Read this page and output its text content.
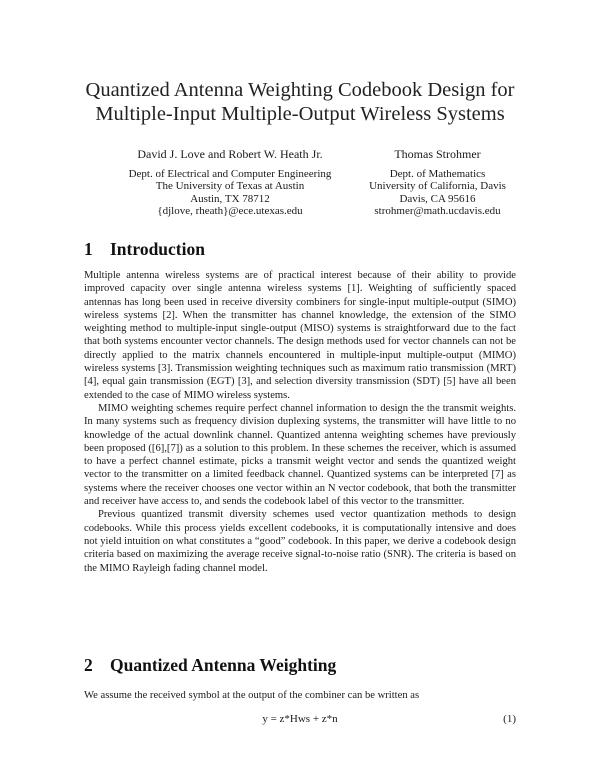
Quantized Antenna Weighting Codebook Design for
Multiple-Input Multiple-Output Wireless Systems
David J. Love and Robert W. Heath Jr.
Dept. of Electrical and Computer Engineering
The University of Texas at Austin
Austin, TX 78712
{djlove, rheath}@ece.utexas.edu
Thomas Strohmer
Dept. of Mathematics
University of California, Davis
Davis, CA 95616
strohmer@math.ucdavis.edu
1 Introduction

Multiple antenna wireless systems are of practical interest because of their ability to provide improved capacity over single antenna wireless systems [1]. Weighting of sufficiently spaced antennas has long been used in receive diversity combiners for single-input multiple-output (SIMO) wireless systems [2]. When the transmitter has channel knowledge, the extension of the SIMO weighting method to multiple-input single-output (MISO) systems is straightforward due to the fact that both systems encounter vector channels. The design methods used for vector channels can not be directly applied to the matrix channels encountered in multiple-input multiple-output (MIMO) wireless systems [3]. Transmission weighting techniques such as maximum ratio transmission (MRT) [4], equal gain transmission (EGT) [3], and selection diversity transmission (SDT) [5] have all been extended to the case of MIMO wireless systems.

MIMO weighting schemes require perfect channel information to design the the transmit weights. In many systems such as frequency division duplexing systems, the transmitter will have little to no knowledge of the actual downlink channel. Quantized antenna weighting schemes have previously been proposed ([6],[7]) as a solution to this problem. In these schemes the receiver, which is assumed to have a perfect channel estimate, picks a transmit weight vector and sends the quantized weight vector to the transmitter on a limited feedback channel. Quantized systems can be interpreted [7] as systems where the receiver chooses one vector within an N vector codebook, that both the transmitter and receiver have access to, and sends the codebook label of this vector to the transmitter.

Previous quantized transmit diversity schemes used vector quantization methods to design codebooks. While this process yields excellent codebooks, it is computationally intensive and does not yield intuition on what constitutes a “good” codebook. In this paper, we derive a codebook design criteria based on maximizing the average receive signal-to-noise ratio (SNR). The criteria is based on the MIMO Rayleigh fading channel model.

2 Quantized Antenna Weighting

We assume the received symbol at the output of the combiner can be written as

y = z*Hws + z*n	(1)
